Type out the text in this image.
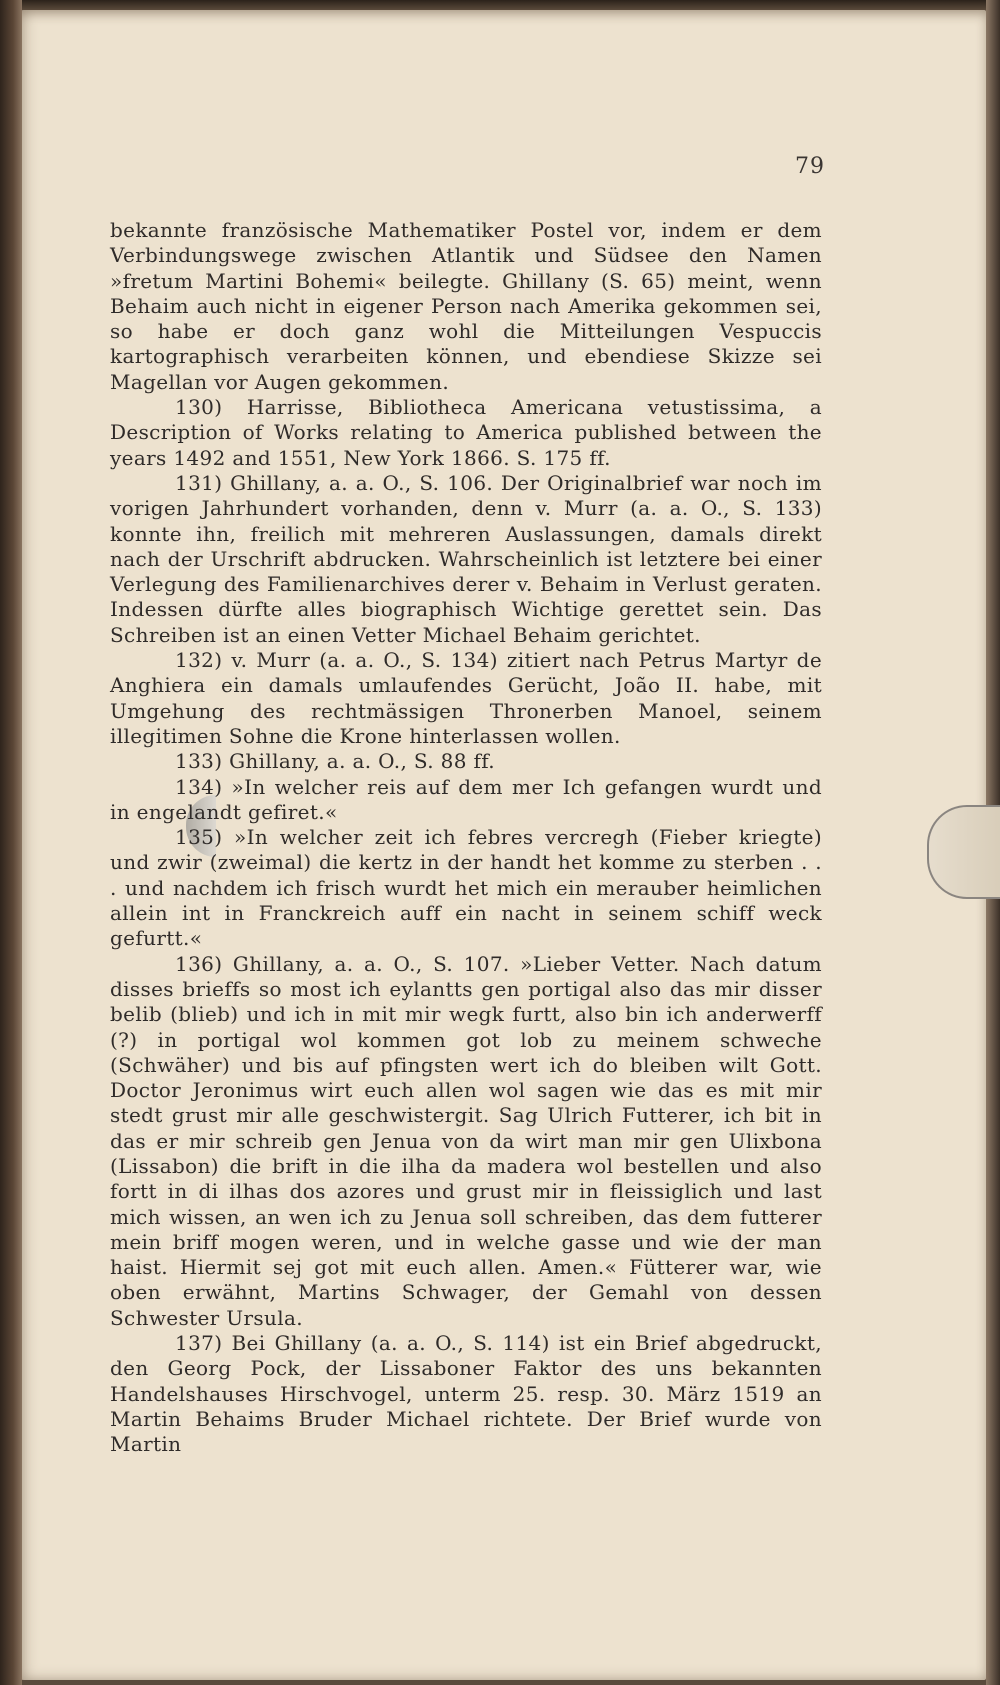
79

bekannte französische Mathematiker Postel vor, indem er dem Verbindungswege zwischen Atlantik und Südsee den Namen »fretum Martini Bohemi« beilegte. Ghillany (S. 65) meint, wenn Behaim auch nicht in eigener Person nach Amerika gekommen sei, so habe er doch ganz wohl die Mitteilungen Vespuccis kartographisch verarbeiten können, und ebendiese Skizze sei Magellan vor Augen gekommen.

130) Harrisse, Bibliotheca Americana vetustissima, a Description of Works relating to America published between the years 1492 and 1551, New York 1866. S. 175 ff.

131) Ghillany, a. a. O., S. 106. Der Originalbrief war noch im vorigen Jahrhundert vorhanden, denn v. Murr (a. a. O., S. 133) konnte ihn, freilich mit mehreren Auslassungen, damals direkt nach der Urschrift abdrucken. Wahrscheinlich ist letztere bei einer Verlegung des Familienarchives derer v. Behaim in Verlust geraten. Indessen dürfte alles biographisch Wichtige gerettet sein. Das Schreiben ist an einen Vetter Michael Behaim gerichtet.

132) v. Murr (a. a. O., S. 134) zitiert nach Petrus Martyr de Anghiera ein damals umlaufendes Gerücht, João II. habe, mit Umgehung des rechtmässigen Thronerben Manoel, seinem illegitimen Sohne die Krone hinterlassen wollen.

133) Ghillany, a. a. O., S. 88 ff.

134) »In welcher reis auf dem mer Ich gefangen wurdt und in engelandt gefiret.«

135) »In welcher zeit ich febres vercregh (Fieber kriegte) und zwir (zweimal) die kertz in der handt het komme zu sterben . . . und nachdem ich frisch wurdt het mich ein merauber heimlichen allein int in Franckreich auff ein nacht in seinem schiff weck gefurtt.«

136) Ghillany, a. a. O., S. 107. »Lieber Vetter. Nach datum disses brieffs so most ich eylantts gen portigal also das mir disser belib (blieb) und ich in mit mir wegk furtt, also bin ich anderwerff (?) in portigal wol kommen got lob zu meinem schweche (Schwäher) und bis auf pfingsten wert ich do bleiben wilt Gott. Doctor Jeronimus wirt euch allen wol sagen wie das es mit mir stedt grust mir alle geschwistergit. Sag Ulrich Futterer, ich bit in das er mir schreib gen Jenua von da wirt man mir gen Ulixbona (Lissabon) die brift in die ilha da madera wol bestellen und also fortt in di ilhas dos azores und grust mir in fleissiglich und last mich wissen, an wen ich zu Jenua soll schreiben, das dem futterer mein briff mogen weren, und in welche gasse und wie der man haist. Hiermit sej got mit euch allen. Amen.« Fütterer war, wie oben erwähnt, Martins Schwager, der Gemahl von dessen Schwester Ursula.

137) Bei Ghillany (a. a. O., S. 114) ist ein Brief abgedruckt, den Georg Pock, der Lissaboner Faktor des uns bekannten Handelshauses Hirschvogel, unterm 25. resp. 30. März 1519 an Martin Behaims Bruder Michael richtete. Der Brief wurde von Martin
